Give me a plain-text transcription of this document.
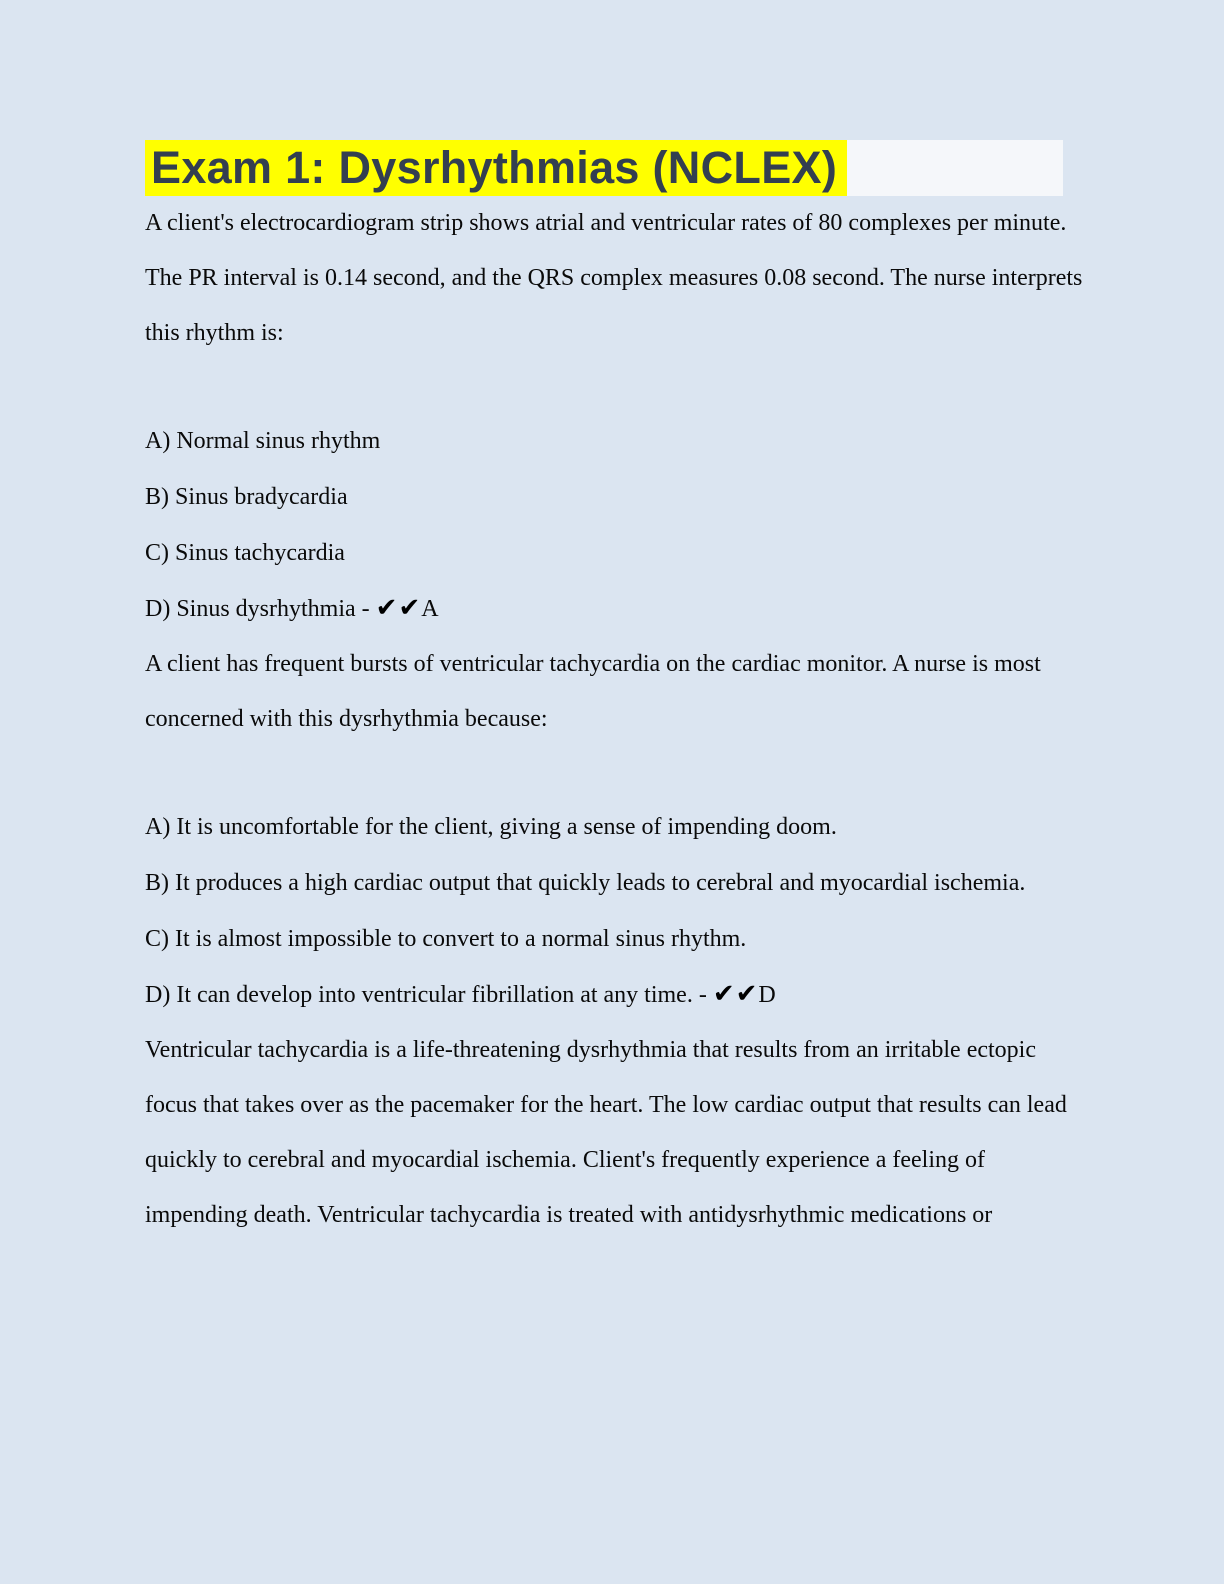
Exam 1: Dysrhythmias (NCLEX)

A client's electrocardiogram strip shows atrial and ventricular rates of 80 complexes per minute. The PR interval is 0.14 second, and the QRS complex measures 0.08 second. The nurse interprets this rhythm is:

A) Normal sinus rhythm

B) Sinus bradycardia

C) Sinus tachycardia

D) Sinus dysrhythmia - ✔✔A

A client has frequent bursts of ventricular tachycardia on the cardiac monitor. A nurse is most concerned with this dysrhythmia because:

A) It is uncomfortable for the client, giving a sense of impending doom.

B) It produces a high cardiac output that quickly leads to cerebral and myocardial ischemia.

C) It is almost impossible to convert to a normal sinus rhythm.

D) It can develop into ventricular fibrillation at any time. - ✔✔D

Ventricular tachycardia is a life-threatening dysrhythmia that results from an irritable ectopic focus that takes over as the pacemaker for the heart. The low cardiac output that results can lead quickly to cerebral and myocardial ischemia. Client's frequently experience a feeling of impending death. Ventricular tachycardia is treated with antidysrhythmic medications or
